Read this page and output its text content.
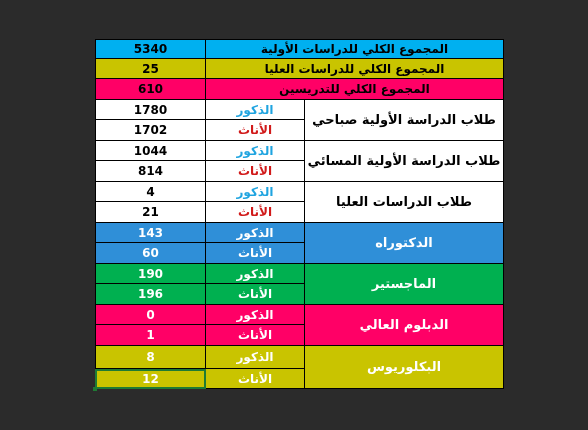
5340	المجموع الكلي للدراسات الأولية
25	المجموع الكلي للدراسات العليا
610	المجموع الكلي للتدريسين
1780	الذكور
1702	الأناث
طلاب الدراسة الأولية صباحي
1044	الذكور
814	الأناث
طلاب الدراسة الأولية المسائي
4	الذكور
21	الأناث
طلاب الدراسات العليا
143	الذكور
60	الأناث
الدكتوراه
190	الذكور
196	الأناث
الماجستير
0	الذكور
1	الأناث
الدبلوم العالي
8	الذكور
12	الأناث
البكلوريوس
